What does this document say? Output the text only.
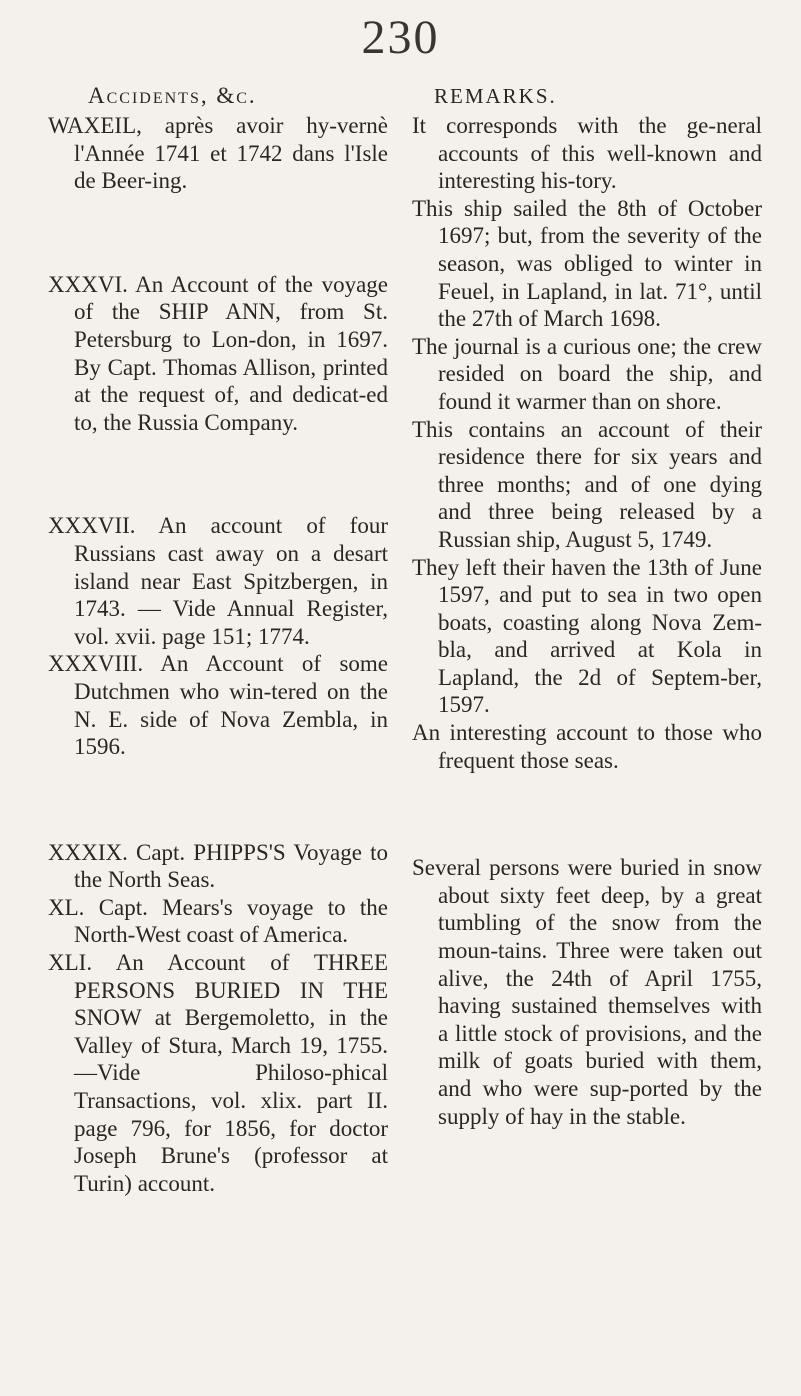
230
Accidents, &c.

WAXEIL, après avoir hy-vernè l'Année 1741 et 1742 dans l'Isle de Beer-ing.

XXXVI. An Account of the voyage of the SHIP ANN, from St. Petersburg to Lon-don, in 1697. By Capt. Thomas Allison, printed at the request of, and dedicat-ed to, the Russia Company.

XXXVII. An account of four Russians cast away on a desart island near East Spitzbergen, in 1743. — Vide Annual Register, vol. xvii. page 151; 1774.

XXXVIII. An Account of some Dutchmen who win-tered on the N. E. side of Nova Zembla, in 1596.

XXXIX. Capt. PHIPPS'S Voyage to the North Seas.

XL. Capt. Mears's voyage to the North-West coast of America.

XLI. An Account of THREE PERSONS BURIED IN THE SNOW at Bergemoletto, in the Valley of Stura, March 19, 1755.—Vide Philoso-phical Transactions, vol. xlix. part II. page 796, for 1856, for doctor Joseph Brune's (professor at Turin) account.

REMARKS.

It corresponds with the ge-neral accounts of this well-known and interesting his-tory.

This ship sailed the 8th of October 1697; but, from the severity of the season, was obliged to winter in Feuel, in Lapland, in lat. 71°, until the 27th of March 1698.

The journal is a curious one; the crew resided on board the ship, and found it warmer than on shore.

This contains an account of their residence there for six years and three months; and of one dying and three being released by a Russian ship, August 5, 1749.

They left their haven the 13th of June 1597, and put to sea in two open boats, coasting along Nova Zem-bla, and arrived at Kola in Lapland, the 2d of Septem-ber, 1597.

An interesting account to those who frequent those seas.

Several persons were buried in snow about sixty feet deep, by a great tumbling of the snow from the moun-tains. Three were taken out alive, the 24th of April 1755, having sustained themselves with a little stock of provisions, and the milk of goats buried with them, and who were sup-ported by the supply of hay in the stable.
